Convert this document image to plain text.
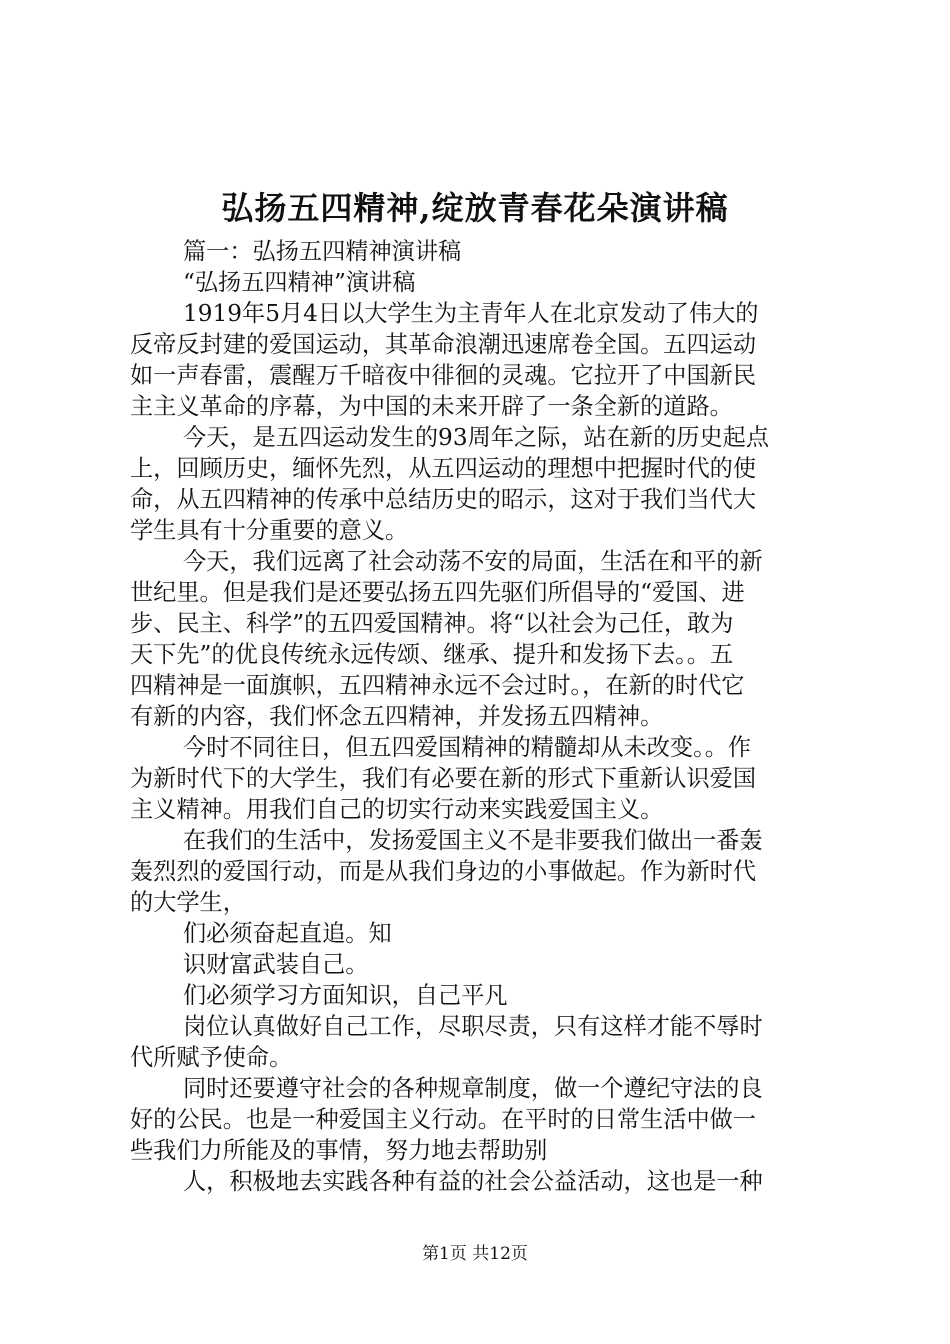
弘扬五四精神,绽放青春花朵演讲稿
篇一：弘扬五四精神演讲稿
“弘扬五四精神”演讲稿
1919年5月4日以大学生为主青年人在北京发动了伟大的
反帝反封建的爱国运动，其革命浪潮迅速席卷全国。五四运动
如一声春雷，震醒万千暗夜中徘徊的灵魂。它拉开了中国新民
主主义革命的序幕，为中国的未来开辟了一条全新的道路。
今天，是五四运动发生的93周年之际，站在新的历史起点
上，回顾历史，缅怀先烈，从五四运动的理想中把握时代的使
命，从五四精神的传承中总结历史的昭示，这对于我们当代大
学生具有十分重要的意义。
今天，我们远离了社会动荡不安的局面，生活在和平的新
世纪里。但是我们是还要弘扬五四先驱们所倡导的“爱国、进
步、民主、科学”的五四爱国精神。将“以社会为己任，敢为
天下先”的优良传统永远传颂、继承、提升和发扬下去。。五
四精神是一面旗帜，五四精神永远不会过时。，在新的时代它
有新的内容，我们怀念五四精神，并发扬五四精神。
今时不同往日，但五四爱国精神的精髓却从未改变。。作
为新时代下的大学生，我们有必要在新的形式下重新认识爱国
主义精神。用我们自己的切实行动来实践爱国主义。
在我们的生活中，发扬爱国主义不是非要我们做出一番轰
轰烈烈的爱国行动，而是从我们身边的小事做起。作为新时代
的大学生，
们必须奋起直追。知
识财富武装自己。
们必须学习方面知识，自己平凡
岗位认真做好自己工作，尽职尽责，只有这样才能不辱时
代所赋予使命。
同时还要遵守社会的各种规章制度，做一个遵纪守法的良
好的公民。也是一种爱国主义行动。在平时的日常生活中做一
些我们力所能及的事情，努力地去帮助别
人，积极地去实践各种有益的社会公益活动，这也是一种
第1页 共12页
